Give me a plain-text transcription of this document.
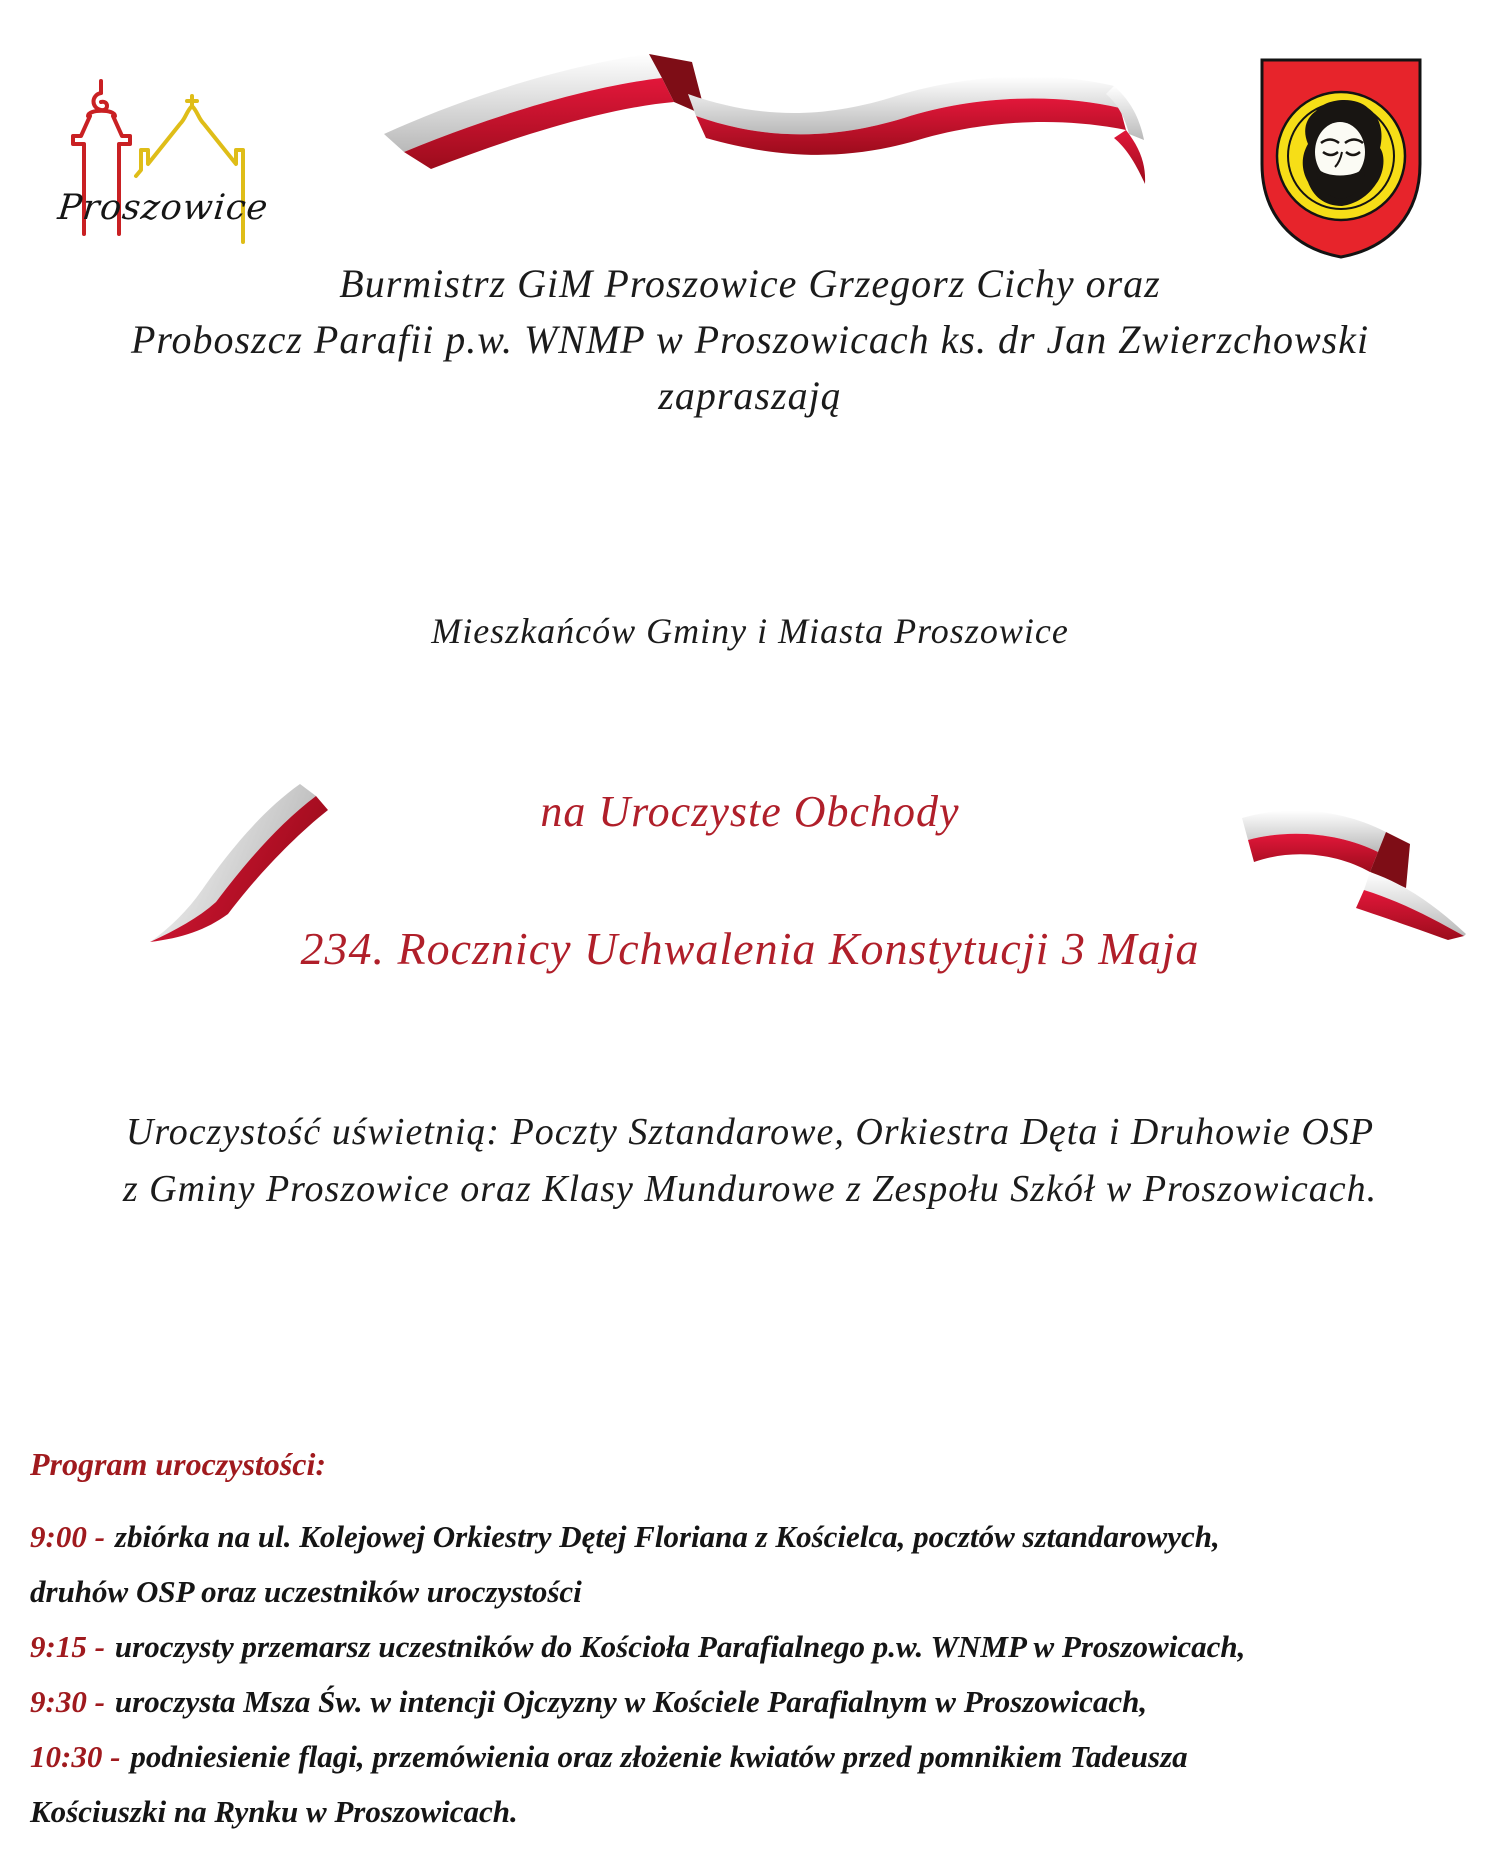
Proszowice
Burmistrz GiM Proszowice Grzegorz Cichy oraz
Proboszcz Parafii p.w. WNMP w Proszowicach ks. dr Jan Zwierzchowski
zapraszają
Mieszkańców Gminy i Miasta Proszowice
na Uroczyste Obchody
234. Rocznicy Uchwalenia Konstytucji 3 Maja
Uroczystość uświetnią: Poczty Sztandarowe, Orkiestra Dęta i Druhowie OSP
z Gminy Proszowice oraz Klasy Mundurowe z Zespołu Szkół w Proszowicach.

Program uroczystości:

9:00 - zbiórka na ul. Kolejowej Orkiestry Dętej Floriana z Kościelca, pocztów sztandarowych,
druhów OSP oraz uczestników uroczystości

9:15 - uroczysty przemarsz uczestników do Kościoła Parafialnego p.w. WNMP w Proszowicach,

9:30 - uroczysta Msza Św. w intencji Ojczyzny w Kościele Parafialnym w Proszowicach,

10:30 - podniesienie flagi, przemówienia oraz złożenie kwiatów przed pomnikiem Tadeusza
Kościuszki na Rynku w Proszowicach.
